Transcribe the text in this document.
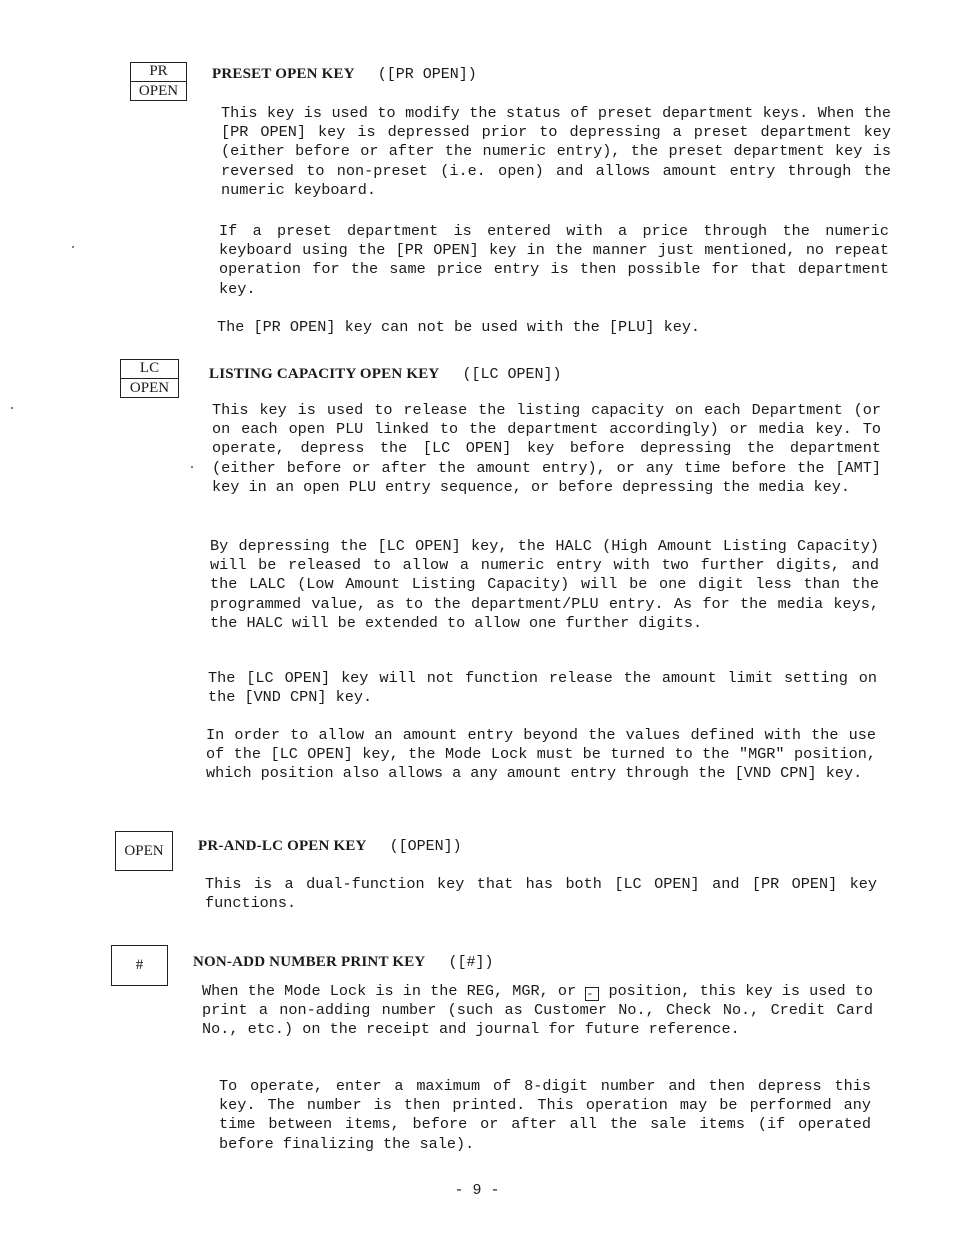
PR
OPEN
PRESET OPEN KEY ([PR OPEN])

This key is used to modify the status of preset department keys. When the [PR OPEN] key is depressed prior to depressing a preset department key (either before or after the numeric entry), the preset department key is reversed to non-preset (i.e. open) and allows amount entry through the numeric keyboard.

If a preset department is entered with a price through the numeric keyboard using the [PR OPEN] key in the manner just mentioned, no repeat operation for the same price entry is then possible for that department key.

The [PR OPEN] key can not be used with the [PLU] key.

LC
OPEN
LISTING CAPACITY OPEN KEY ([LC OPEN])

This key is used to release the listing capacity on each Department (or on each open PLU linked to the department accordingly) or media key. To operate, depress the [LC OPEN] key before depressing the department (either before or after the amount entry), or any time before the [AMT] key in an open PLU entry sequence, or before depressing the media key.

By depressing the [LC OPEN] key, the HALC (High Amount Listing Capacity) will be released to allow a numeric entry with two further digits, and the LALC (Low Amount Listing Capacity) will be one digit less than the programmed value, as to the department/PLU entry. As for the media keys, the HALC will be extended to allow one further digits.

The [LC OPEN] key will not function release the amount limit setting on the [VND CPN] key.

In order to allow an amount entry beyond the values defined with the use of the [LC OPEN] key, the Mode Lock must be turned to the "MGR" position, which position also allows a any amount entry through the [VND CPN] key.

OPEN PR-AND-LC OPEN KEY ([OPEN])

This is a dual-function key that has both [LC OPEN] and [PR OPEN] key functions.

#	NON-ADD NUMBER PRINT KEY ([#])

When the Mode Lock is in the REG, MGR, or - position, this key is used to print a non-adding number (such as Customer No., Check No., Credit Card No., etc.) on the receipt and journal for future reference.

To operate, enter a maximum of 8-digit number and then depress this key. The number is then printed. This operation may be performed any time between items, before or after all the sale items (if operated before finalizing the sale).

- 9 -
